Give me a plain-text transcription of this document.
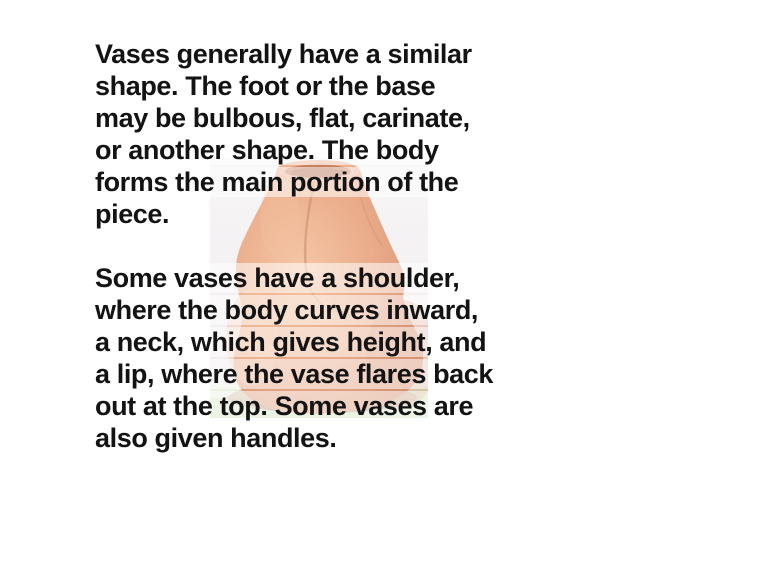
Vases generally have a similar
shape. The foot or the base
may be bulbous, flat, carinate,
or another shape. The body
forms the main portion of the
piece.

Some vases have a shoulder,
where the body curves inward,
a neck, which gives height, and
a lip, where the vase flares back
out at the top. Some vases are
also given handles.
